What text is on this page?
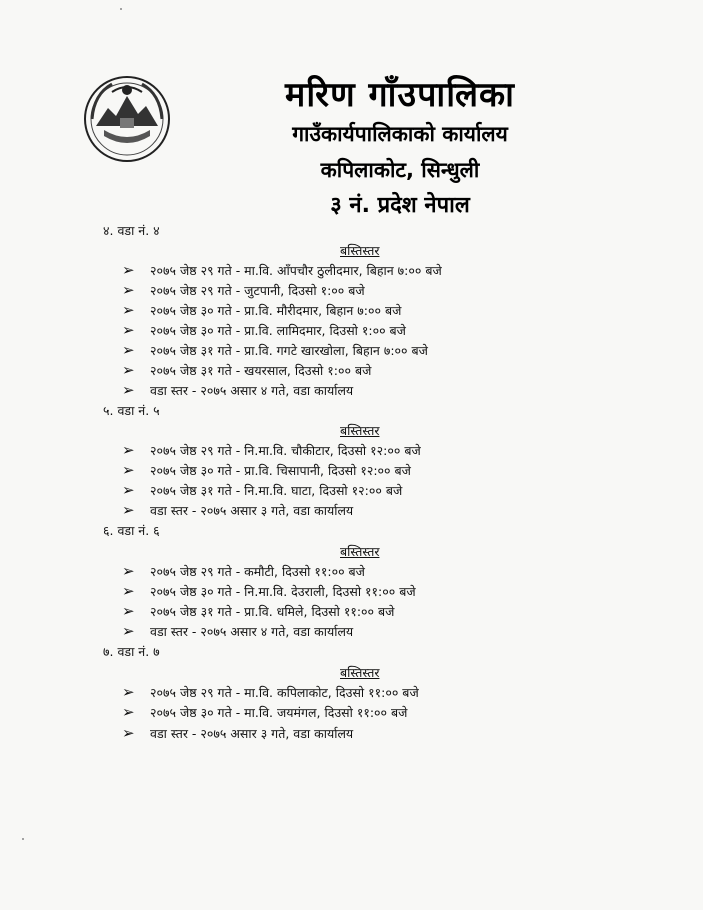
मरिण गाँउपालिका
गाउँकार्यपालिकाको कार्यालय
कपिलाकोट, सिन्धुली
३ नं. प्रदेश नेपाल
४. वडा नं. ४
बस्तिस्तर
➢	२०७५ जेष्ठ २९ गते - मा.वि. आँपचौर ठुलीदमार, बिहान ७:०० बजे
➢	२०७५ जेष्ठ २९ गते - जुटपानी, दिउसो १:०० बजे
➢	२०७५ जेष्ठ ३० गते - प्रा.वि. मौरीदमार, बिहान ७:०० बजे
➢	२०७५ जेष्ठ ३० गते - प्रा.वि. लामिदमार, दिउसो १:०० बजे
➢	२०७५ जेष्ठ ३१ गते - प्रा.वि. गगटे खारखोला, बिहान ७:०० बजे
➢	२०७५ जेष्ठ ३१ गते - खयरसाल, दिउसो १:०० बजे
➢	वडा स्तर - २०७५ असार ४ गते, वडा कार्यालय
५. वडा नं. ५
बस्तिस्तर
➢	२०७५ जेष्ठ २९ गते - नि.मा.वि. चौकीटार, दिउसो १२:०० बजे
➢	२०७५ जेष्ठ ३० गते - प्रा.वि. चिसापानी, दिउसो १२:०० बजे
➢	२०७५ जेष्ठ ३१ गते - नि.मा.वि. घाटा, दिउसो १२:०० बजे
➢	वडा स्तर - २०७५ असार ३ गते, वडा कार्यालय
६. वडा नं. ६
बस्तिस्तर
➢	२०७५ जेष्ठ २९ गते - कमौटी, दिउसो ११:०० बजे
➢	२०७५ जेष्ठ ३० गते - नि.मा.वि. देउराली, दिउसो ११:०० बजे
➢	२०७५ जेष्ठ ३१ गते - प्रा.वि. धमिले, दिउसो ११:०० बजे
➢	वडा स्तर - २०७५ असार ४ गते, वडा कार्यालय
७. वडा नं. ७
बस्तिस्तर
➢	२०७५ जेष्ठ २९ गते - मा.वि. कपिलाकोट, दिउसो ११:०० बजे
➢	२०७५ जेष्ठ ३० गते - मा.वि. जयमंगल, दिउसो ११:०० बजे
➢	वडा स्तर - २०७५ असार ३ गते, वडा कार्यालय
